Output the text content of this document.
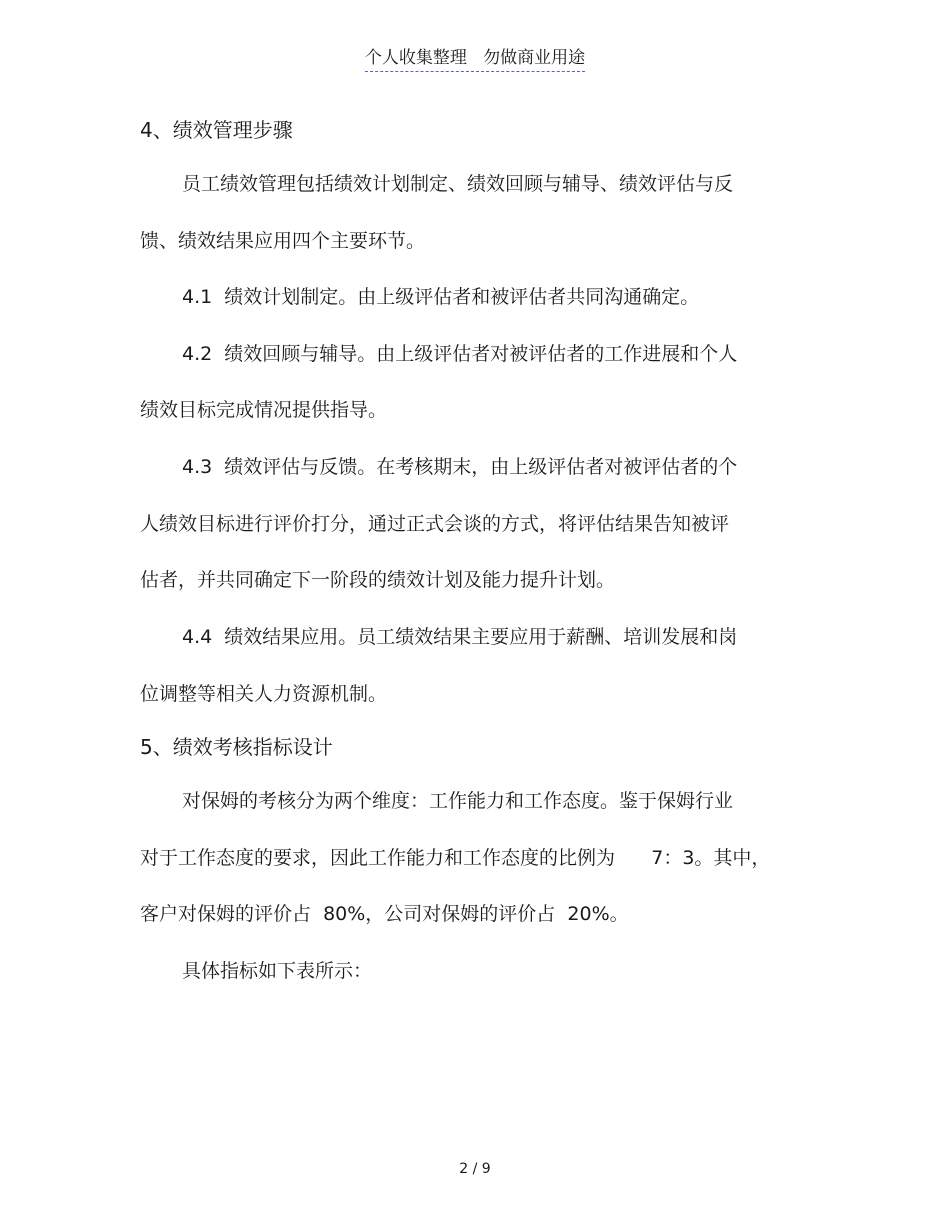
个人收集整理   勿做商业用途
4、绩效管理步骤
员工绩效管理包括绩效计划制定、绩效回顾与辅导、绩效评估与反
馈、绩效结果应用四个主要环节。
4.1  绩效计划制定。由上级评估者和被评估者共同沟通确定。
4.2  绩效回顾与辅导。由上级评估者对被评估者的工作进展和个人
绩效目标完成情况提供指导。
4.3  绩效评估与反馈。在考核期末，由上级评估者对被评估者的个
人绩效目标进行评价打分，通过正式会谈的方式，将评估结果告知被评
估者，并共同确定下一阶段的绩效计划及能力提升计划。
4.4  绩效结果应用。员工绩效结果主要应用于薪酬、培训发展和岗
位调整等相关人力资源机制。
5、绩效考核指标设计
对保姆的考核分为两个维度：工作能力和工作态度。鉴于保姆行业
对于工作态度的要求，因此工作能力和工作态度的比例为      7：3。其中，
客户对保姆的评价占  80%，公司对保姆的评价占  20%。
具体指标如下表所示：
2 / 9
